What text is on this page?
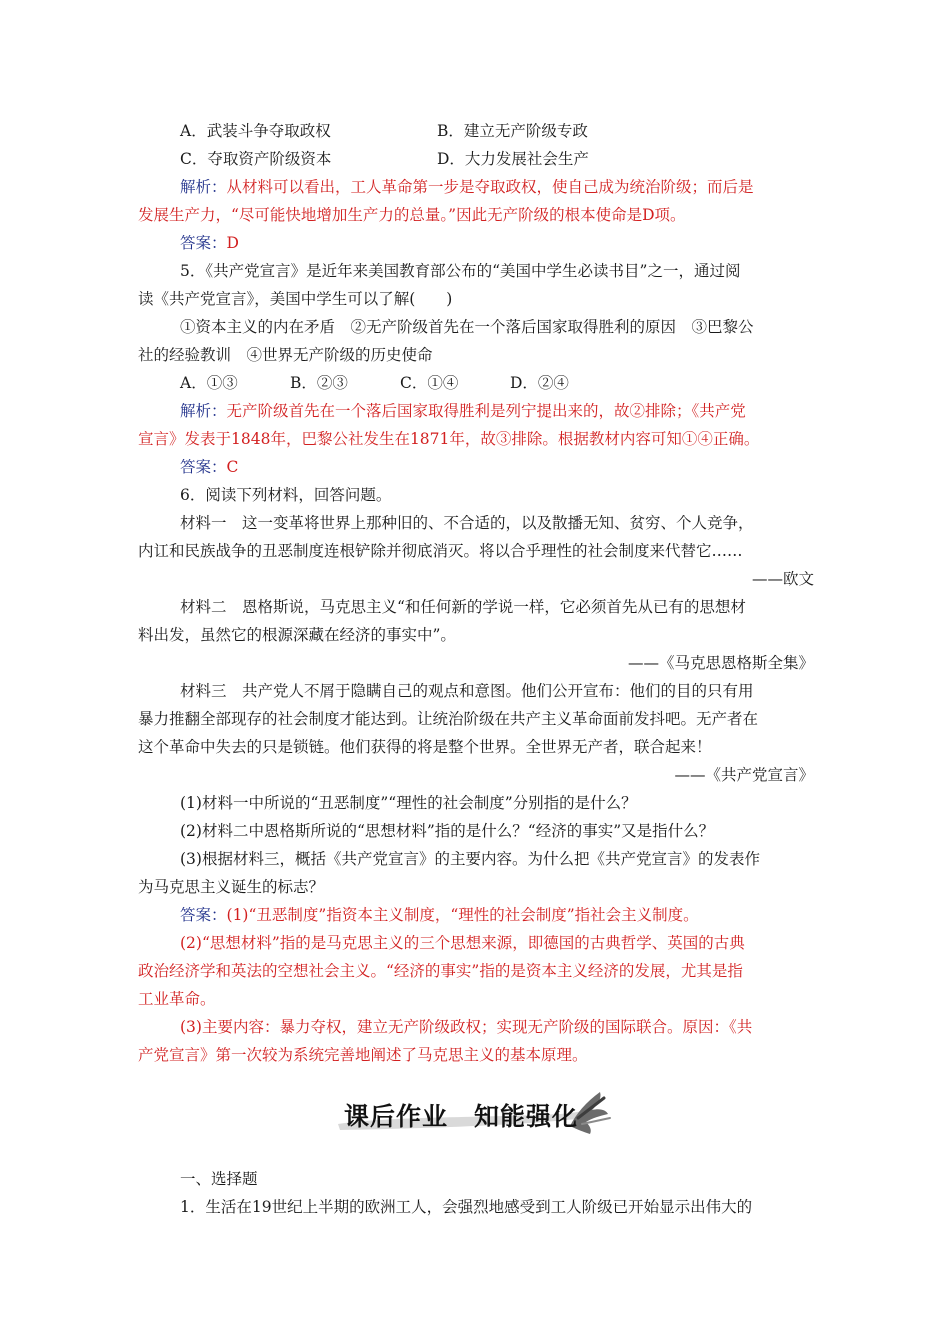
A．武装斗争夺取政权	B．建立无产阶级专政
C．夺取资产阶级资本	D．大力发展社会生产
解析：从材料可以看出，工人革命第一步是夺取政权，使自己成为统治阶级；而后是
发展生产力，“尽可能快地增加生产力的总量。”因此无产阶级的根本使命是D项。
答案：D
5．《共产党宣言》是近年来美国教育部公布的“美国中学生必读书目”之一，通过阅
读《共产党宣言》，美国中学生可以了解(　　)
①资本主义的内在矛盾　②无产阶级首先在一个落后国家取得胜利的原因　③巴黎公
社的经验教训　④世界无产阶级的历史使命
A．①③	B．②③	C．①④	D．②④
解析：无产阶级首先在一个落后国家取得胜利是列宁提出来的，故②排除；《共产党
宣言》发表于1848年，巴黎公社发生在1871年，故③排除。根据教材内容可知①④正确。
答案：C
6．阅读下列材料，回答问题。
材料一　这一变革将世界上那种旧的、不合适的，以及散播无知、贫穷、个人竞争，
内讧和民族战争的丑恶制度连根铲除并彻底消灭。将以合乎理性的社会制度来代替它……
——欧文
材料二　恩格斯说，马克思主义“和任何新的学说一样，它必须首先从已有的思想材
料出发，虽然它的根源深藏在经济的事实中”。
——《马克思恩格斯全集》
材料三　共产党人不屑于隐瞒自己的观点和意图。他们公开宣布：他们的目的只有用
暴力推翻全部现存的社会制度才能达到。让统治阶级在共产主义革命面前发抖吧。无产者在
这个革命中失去的只是锁链。他们获得的将是整个世界。全世界无产者，联合起来！
——《共产党宣言》
(1)材料一中所说的“丑恶制度”“理性的社会制度”分别指的是什么？
(2)材料二中恩格斯所说的“思想材料”指的是什么？“经济的事实”又是指什么？
(3)根据材料三，概括《共产党宣言》的主要内容。为什么把《共产党宣言》的发表作
为马克思主义诞生的标志？
答案：(1)“丑恶制度”指资本主义制度，“理性的社会制度”指社会主义制度。
(2)“思想材料”指的是马克思主义的三个思想来源，即德国的古典哲学、英国的古典
政治经济学和英法的空想社会主义。“经济的事实”指的是资本主义经济的发展，尤其是指
工业革命。
(3)主要内容：暴力夺权，建立无产阶级政权；实现无产阶级的国际联合。原因：《共
产党宣言》第一次较为系统完善地阐述了马克思主义的基本原理。
课后作业　知能强化
一、选择题
1．生活在19世纪上半期的欧洲工人，会强烈地感受到工人阶级已开始显示出伟大的
